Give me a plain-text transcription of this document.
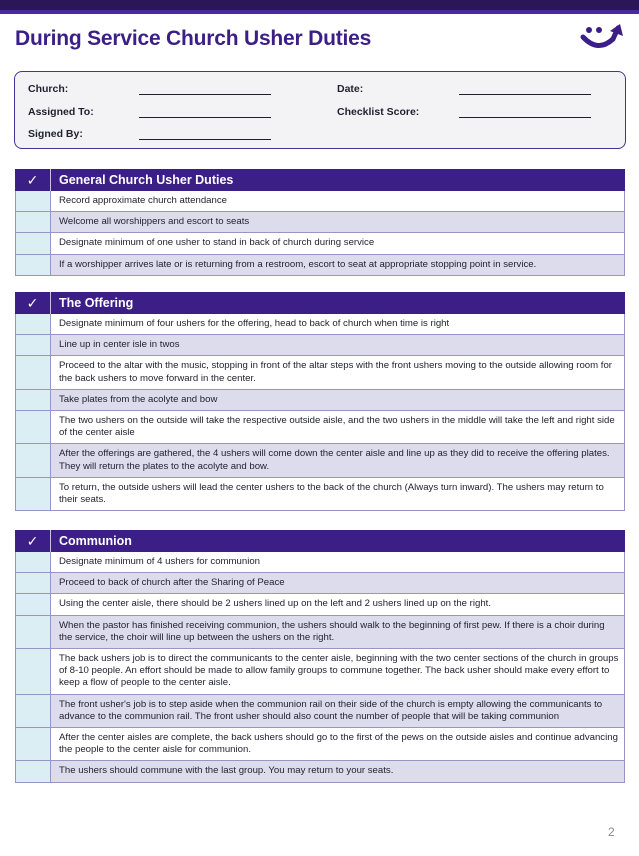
During Service Church Usher Duties
Church:	Date:
Assigned To:	Checklist Score:
Signed By:
✓	General Church Usher Duties
Record approximate church attendance
Welcome all worshippers and escort to seats
Designate minimum of one usher to stand in back of church during service
If a worshipper arrives late or is returning from a restroom, escort to seat at appropriate stopping point in service.
✓	The Offering
Designate minimum of four ushers for the offering, head to back of church when time is right
Line up in center isle in twos
Proceed to the altar with the music, stopping in front of the altar steps with the front ushers moving to the outside allowing room for the back ushers to move forward in the center.
Take plates from the acolyte and bow
The two ushers on the outside will take the respective outside aisle, and the two ushers in the middle will take the left and right side of the center aisle
After the offerings are gathered, the 4 ushers will come down the center aisle and line up as they did to receive the offering plates. They will return the plates to the acolyte and bow.
To return, the outside ushers will lead the center ushers to the back of the church (Always turn inward). The ushers may return to their seats.
✓	Communion
Designate minimum of 4 ushers for communion
Proceed to back of church after the Sharing of Peace
Using the center aisle, there should be 2 ushers lined up on the left and 2 ushers lined up on the right.
When the pastor has finished receiving communion, the ushers should walk to the beginning of first pew. If there is a choir during the service, the choir will line up between the ushers on the right.
The back ushers job is to direct the communicants to the center aisle, beginning with the two center sections of the church in groups of 8-10 people. An effort should be made to allow family groups to commune together. The back usher should make every effort to keep a flow of people to the center aisle.
The front usher's job is to step aside when the communion rail on their side of the church is empty allowing the communicants to advance to the communion rail. The front usher should also count the number of people that will be taking communion
After the center aisles are complete, the back ushers should go to the first of the pews on the outside aisles and continue advancing the people to the center aisle for communion.
The ushers should commune with the last group. You may return to your seats.
2
